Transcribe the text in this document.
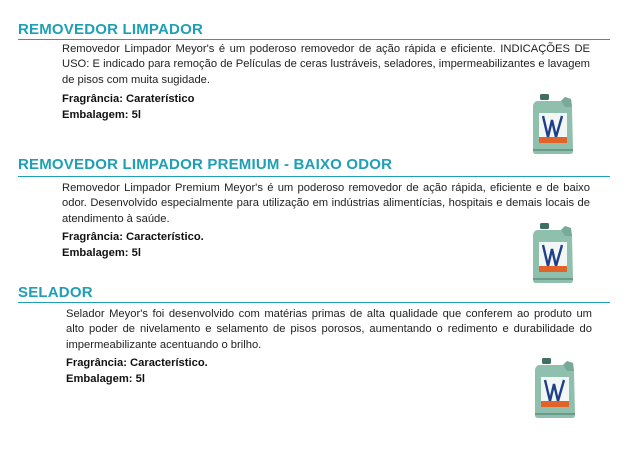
REMOVEDOR LIMPADOR

Removedor Limpador Meyor's é um poderoso removedor de ação rápida e eficiente. INDICAÇÕES DE USO: E indicado para remoção de Películas de ceras lustráveis, seladores, impermeabilizantes e lavagem de pisos com muita sugidade.

Fragrância: Caraterístico
Embalagem: 5l
REMOVEDOR LIMPADOR PREMIUM - BAIXO ODOR

Removedor Limpador Premium Meyor's é um poderoso removedor de ação rápida, eficiente e de baixo odor. Desenvolvido especialmente para utilização em indústrias alimentícias, hospitais e demais locais de atendimento à saúde.

Fragrância: Característico.
Embalagem: 5l
SELADOR

Selador Meyor's foi desenvolvido com matérias primas de alta qualidade que conferem ao produto um alto poder de nivelamento e selamento de pisos porosos, aumentando o redimento e durabilidade do impermeabilizante acentuando o brilho.

Fragrância: Característico.
Embalagem: 5l
